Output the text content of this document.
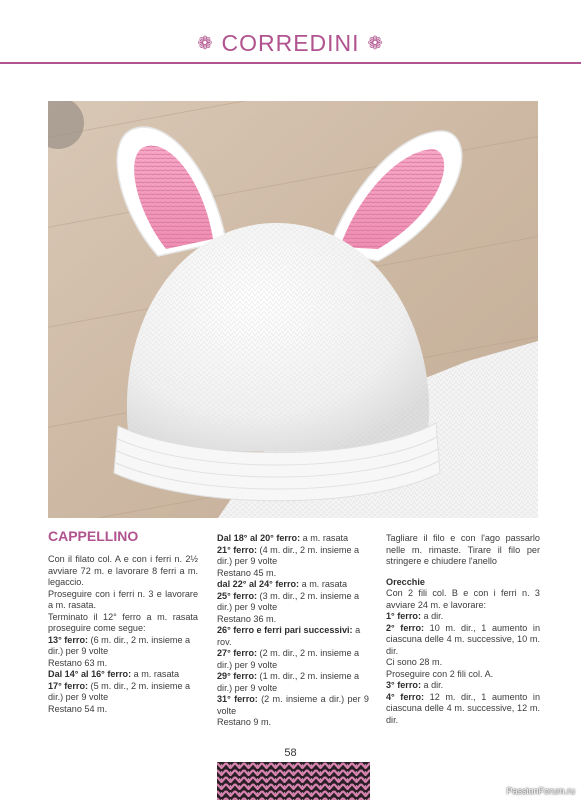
❁ CORREDINI ❁

CAPPELLINO

Con il filato col. A e con i ferri n. 2½ avviare 72 m. e lavorare 8 ferri a m. legaccio.

Proseguire con i ferri n. 3 e lavorare a m. rasata.

Terminato il 12° ferro a m. rasata proseguire come segue:

13° ferro: (6 m. dir., 2 m. insieme a dir.) per 9 volte

Restano 63 m.

Dal 14° al 16° ferro: a m. rasata

17° ferro: (5 m. dir., 2 m. insieme a dir.) per 9 volte

Restano 54 m.

Dal 18° al 20° ferro: a m. rasata

21° ferro: (4 m. dir., 2 m. insieme a dir.) per 9 volte

Restano 45 m.

dal 22° al 24° ferro: a m. rasata

25° ferro: (3 m. dir., 2 m. insieme a dir.) per 9 volte

Restano 36 m.

26° ferro e ferri pari successivi: a rov.

27° ferro: (2 m. dir., 2 m. insieme a dir.) per 9 volte

29° ferro: (1 m. dir., 2 m. insieme a dir.) per 9 volte

31° ferro: (2 m. insieme a dir.) per 9 volte

Restano 9 m.

Tagliare il filo e con l'ago passarlo nelle m. rimaste. Tirare il filo per stringere e chiudere l'anello

Orecchie

Con 2 fili col. B e con i ferri n. 3 avviare 24 m. e lavorare:

1° ferro: a dir.

2° ferro: 10 m. dir., 1 aumento in ciascuna delle 4 m. successive, 10 m. dir.

Ci sono 28 m.

Proseguire con 2 fili col. A.

3° ferro: a dir.

4° ferro: 12 m. dir., 1 aumento in ciascuna delle 4 m. successive, 12 m. dir.

58
PassionForum.ru
